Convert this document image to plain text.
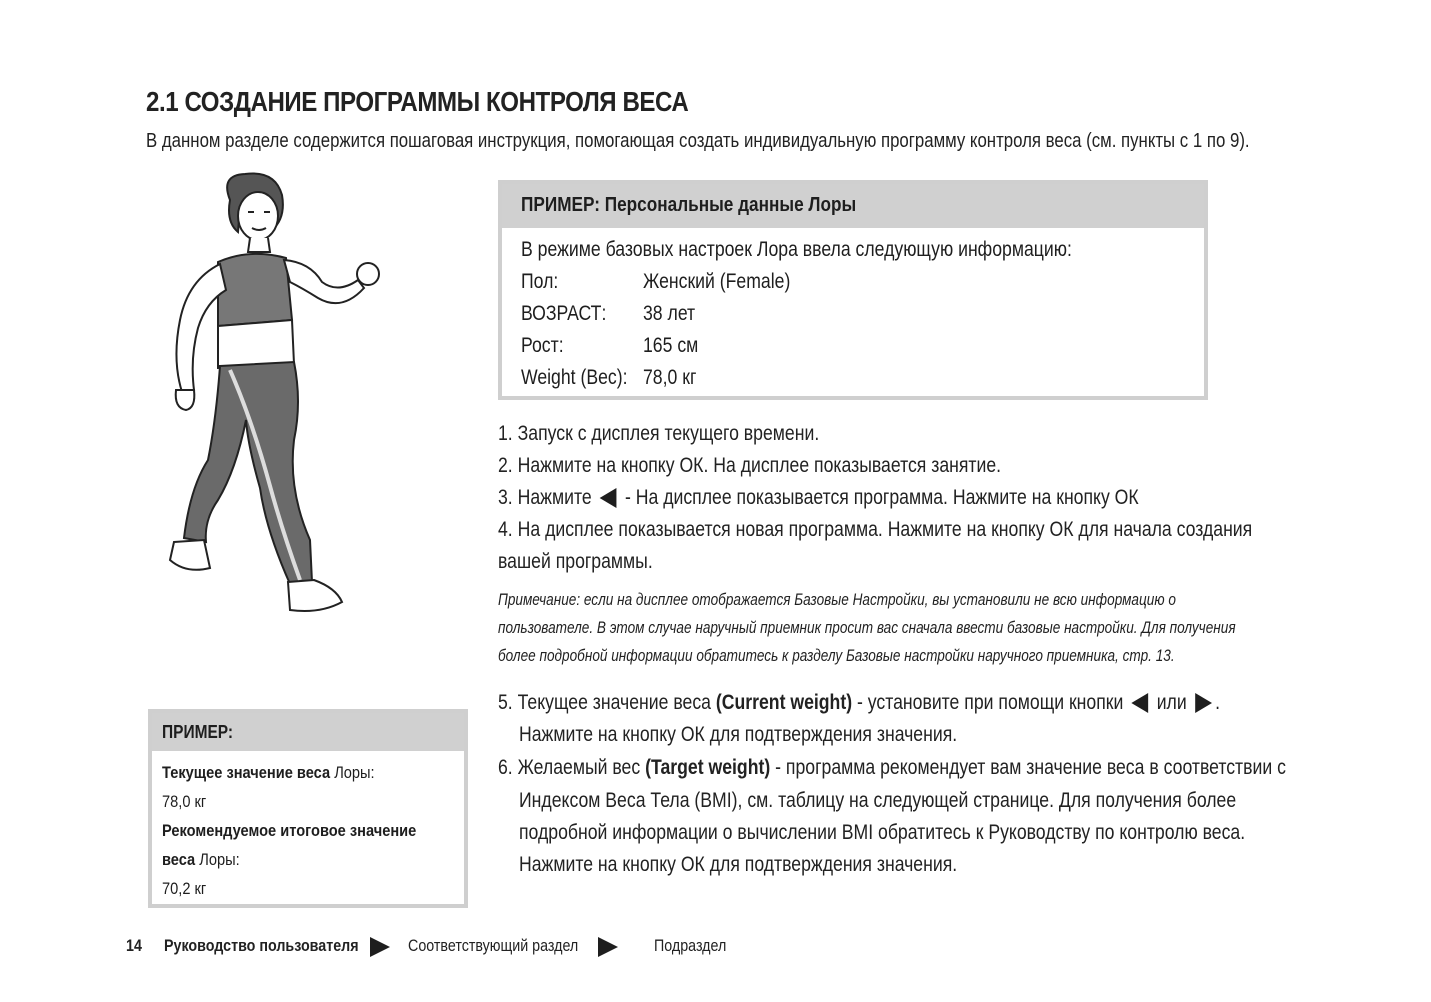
2.1 СОЗДАНИЕ ПРОГРАММЫ КОНТРОЛЯ ВЕСА
В данном разделе содержится пошаговая инструкция, помогающая создать индивидуальную программу контроля веса (см. пункты с 1 по 9).
ПРИМЕР: Персональные данные Лоры
В режиме базовых настроек Лора ввела следующую информацию:
Пол:	Женский (Female)
ВОЗРАСТ: 38 лет
Рост:	165 см
Weight (Вес): 78,0 кг
1. Запуск с дисплея текущего времени.
2. Нажмите на кнопку ОК. На дисплее показывается занятие.
3. Нажмите - На дисплее показывается программа. Нажмите на кнопку ОК
4. На дисплее показывается новая программа. Нажмите на кнопку ОК для начала создания
вашей программы.
Примечание: если на дисплее отображается Базовые Настройки, вы установили не всю информацию о
пользователе. В этом случае наручный приемник просит вас сначала ввести базовые настройки. Для получения
более подробной информации обратитесь к разделу Базовые настройки наручного приемника, стр. 13.
5. Текущее значение веса (Current weight) - установите при помощи кнопки или .
Нажмите на кнопку ОК для подтверждения значения.
6. Желаемый вес (Target weight) - программа рекомендует вам значение веса в соответствии с
Индексом Веса Тела (BMI), см. таблицу на следующей странице. Для получения более
подробной информации о вычислении BMI обратитесь к Руководству по контролю веса.
Нажмите на кнопку ОК для подтверждения значения.
ПРИМЕР:
Текущее значение веса Лоры:
78,0 кг
Рекомендуемое итоговое значение
веса Лоры:
70,2 кг
14 Руководство пользователя	Соответствующий раздел	Подраздел
